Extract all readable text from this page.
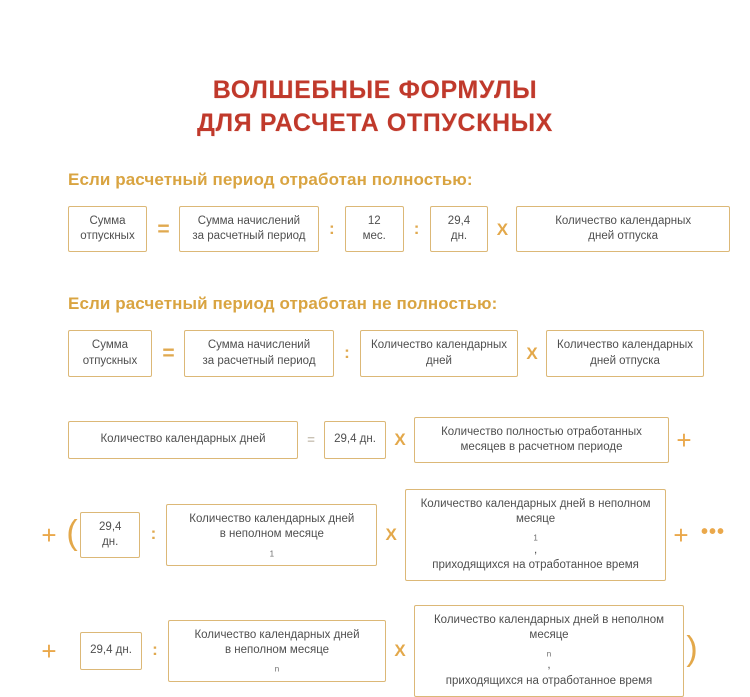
ВОЛШЕБНЫЕ ФОРМУЛЫ
ДЛЯ РАСЧЕТА ОТПУСКНЫХ
Если расчетный период отработан полностью:
Сумма
отпускных	=	Сумма начислений
за расчетный период	:	12 мес.	:	29,4 дн.	X	Количество календарных
дней отпуска
Если расчетный период отработан не полностью:
Сумма
отпускных	=	Сумма начислений
за расчетный период	:	Количество календарных
дней	X	Количество календарных
дней отпуска
Количество календарных дней	=	29,4 дн.	X	Количество полностью отработанных
месяцев в расчетном периоде	+
+ (	29,4 дн.	:
Количество календарных дней
в неполном месяце
$_1$
X
Количество календарных дней в неполном месяце
$_1$
,
приходящихся на отработанное время
+ •••
+	29,4 дн.	:
Количество календарных дней
в неполном месяце
$_n$
X
Количество календарных дней в неполном месяце
$_n$
,
приходящихся на отработанное время
)
